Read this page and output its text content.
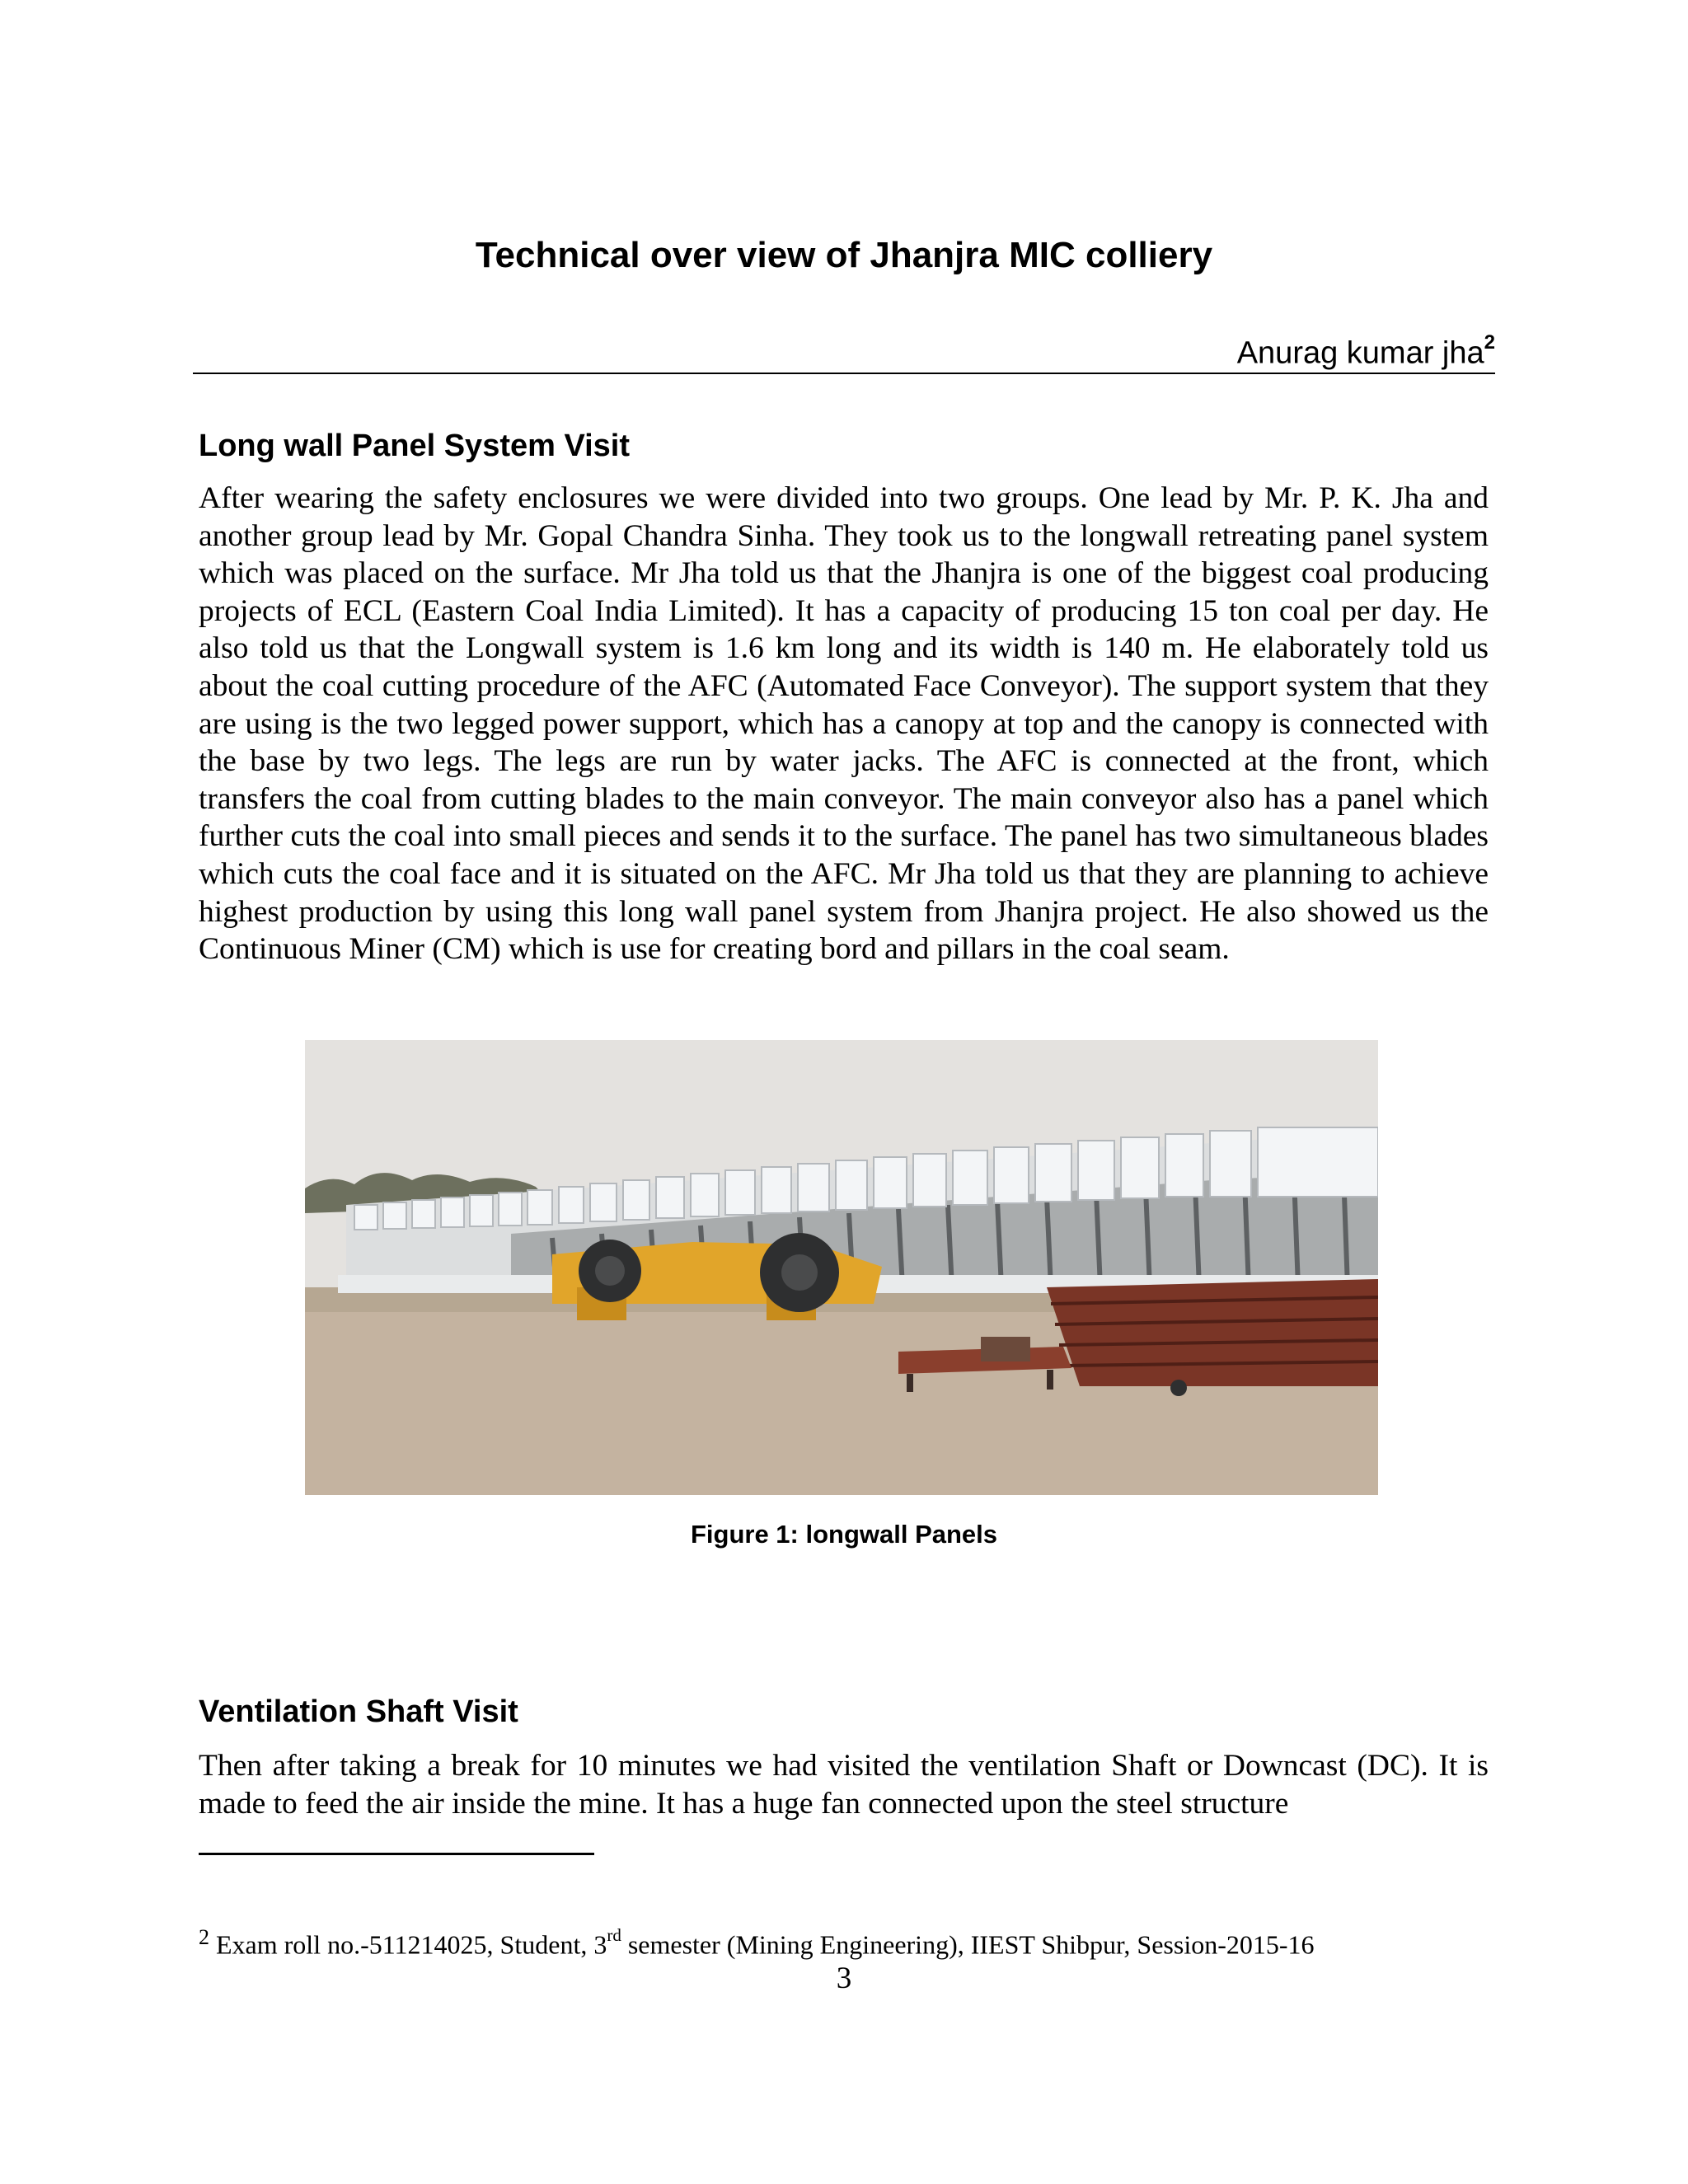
Technical over view of Jhanjra MIC colliery

Anurag kumar jha$^2$

Long wall Panel System Visit

After wearing the safety enclosures we were divided into two groups. One lead by Mr. P. K. Jha and another group lead by Mr. Gopal Chandra Sinha. They took us to the longwall retreating panel system which was placed on the surface. Mr Jha told us that the Jhanjra is one of the biggest coal producing projects of ECL (Eastern Coal India Limited). It has a capacity of producing 15 ton coal per day. He also told us that the Longwall system is 1.6 km long and its width is 140 m. He elaborately told us about the coal cutting procedure of the AFC (Automated Face Conveyor). The support system that they are using is the two legged power support, which has a canopy at top and the canopy is connected with the base by two legs. The legs are run by water jacks. The AFC is connected at the front, which transfers the coal from cutting blades to the main conveyor. The main conveyor also has a panel which further cuts the coal into small pieces and sends it to the surface. The panel has two simultaneous blades which cuts the coal face and it is situated on the AFC. Mr Jha told us that they are planning to achieve highest production by using this long wall panel system from Jhanjra project. He also showed us the Continuous Miner (CM) which is use for creating bord and pillars in the coal seam.

Figure 1: longwall Panels

Ventilation Shaft Visit

Then after taking a break for 10 minutes we had visited the ventilation Shaft or Downcast (DC). It is made to feed the air inside the mine. It has a huge fan connected upon the steel structure

$^2$ Exam roll no.-511214025, Student, 3rd semester (Mining Engineering), IIEST Shibpur, Session-2015-16

3
